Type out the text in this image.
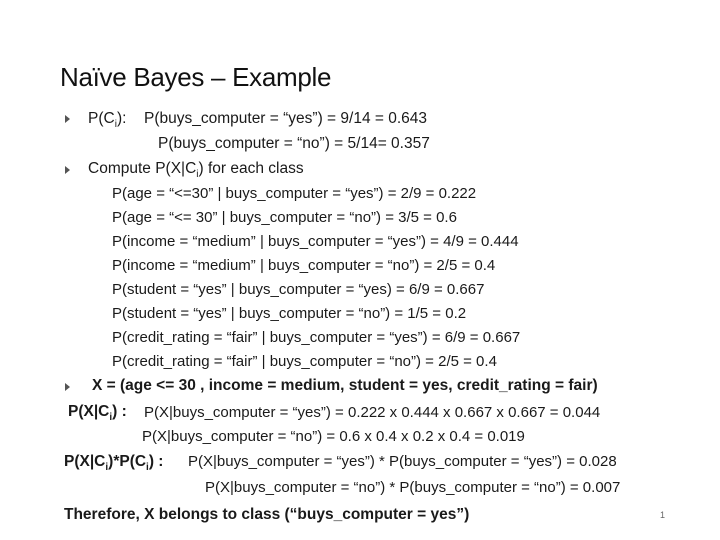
Naïve Bayes – Example
$P(C_i)$: P(buys_computer = “yes”) = 9/14 = 0.643
P(buys_computer = “no”) = 5/14= 0.357
Compute $P(X|C_i)$ for each class
P(age = “<=30” | buys_computer = “yes”) = 2/9 = 0.222
P(age = “<= 30” | buys_computer = “no”) = 3/5 = 0.6
P(income = “medium” | buys_computer = “yes”) = 4/9 = 0.444
P(income = “medium” | buys_computer = “no”) = 2/5 = 0.4
P(student = “yes” | buys_computer = “yes) = 6/9 = 0.667
P(student = “yes” | buys_computer = “no”) = 1/5 = 0.2
P(credit_rating = “fair” | buys_computer = “yes”) = 6/9 = 0.667
P(credit_rating = “fair” | buys_computer = “no”) = 2/5 = 0.4
X = (age <= 30 , income = medium, student = yes, credit_rating = fair)
$P(X|C_i)$ : P(X|buys_computer = “yes”) = 0.222 x 0.444 x 0.667 x 0.667 = 0.044
P(X|buys_computer = “no”) = 0.6 x 0.4 x 0.2 x 0.4 = 0.019
$P(X|C_i)*P(C_i)$ : P(X|buys_computer = “yes”) * P(buys_computer = “yes”) = 0.028
P(X|buys_computer = “no”) * P(buys_computer = “no”) = 0.007
Therefore, X belongs to class (“buys_computer = yes”)	1
